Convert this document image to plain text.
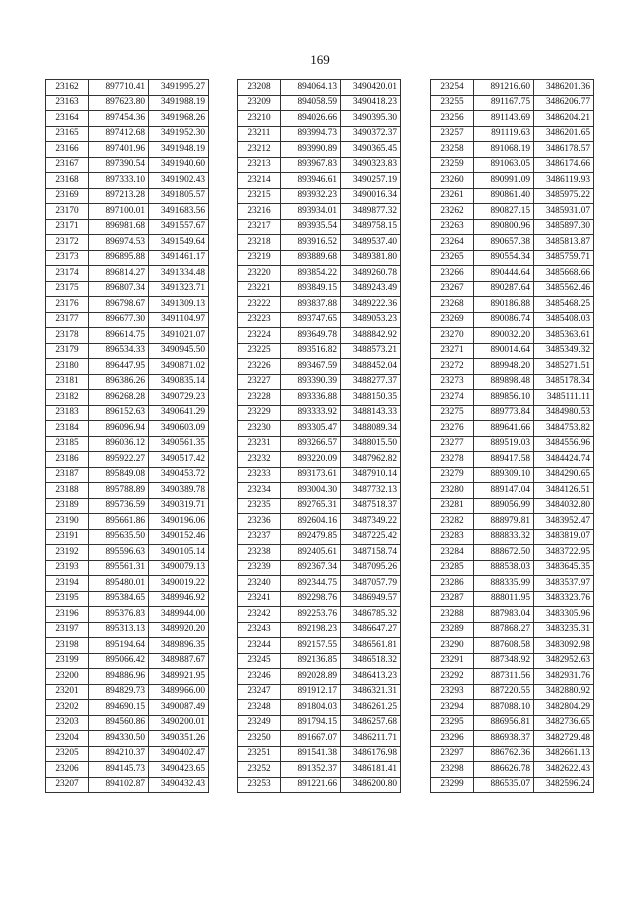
169
23162	897710.41	3491995.27
23163	897623.80	3491988.19
23164	897454.36	3491968.26
23165	897412.68	3491952.30
23166	897401.96	3491948.19
23167	897390.54	3491940.60
23168	897333.10	3491902.43
23169	897213.28	3491805.57
23170	897100.01	3491683.56
23171	896981.68	3491557.67
23172	896974.53	3491549.64
23173	896895.88	3491461.17
23174	896814.27	3491334.48
23175	896807.34	3491323.71
23176	896798.67	3491309.13
23177	896677.30	3491104.97
23178	896614.75	3491021.07
23179	896534.33	3490945.50
23180	896447.95	3490871.02
23181	896386.26	3490835.14
23182	896268.28	3490729.23
23183	896152.63	3490641.29
23184	896096.94	3490603.09
23185	896036.12	3490561.35
23186	895922.27	3490517.42
23187	895849.08	3490453.72
23188	895788.89	3490389.78
23189	895736.59	3490319.71
23190	895661.86	3490196.06
23191	895635.50	3490152.46
23192	895596.63	3490105.14
23193	895561.31	3490079.13
23194	895480.01	3490019.22
23195	895384.65	3489946.92
23196	895376.83	3489944.00
23197	895313.13	3489920.20
23198	895194.64	3489896.35
23199	895066.42	3489887.67
23200	894886.96	3489921.95
23201	894829.73	3489966.00
23202	894690.15	3490087.49
23203	894560.86	3490200.01
23204	894330.50	3490351.26
23205	894210.37	3490402.47
23206	894145.73	3490423.65
23207	894102.87	3490432.43
23208	894064.13	3490420.01
23209	894058.59	3490418.23
23210	894026.66	3490395.30
23211	893994.73	3490372.37
23212	893990.89	3490365.45
23213	893967.83	3490323.83
23214	893946.61	3490257.19
23215	893932.23	3490016.34
23216	893934.01	3489877.32
23217	893935.54	3489758.15
23218	893916.52	3489537.40
23219	893889.68	3489381.80
23220	893854.22	3489260.78
23221	893849.15	3489243.49
23222	893837.88	3489222.36
23223	893747.65	3489053.23
23224	893649.78	3488842.92
23225	893516.82	3488573.21
23226	893467.59	3488452.04
23227	893390.39	3488277.37
23228	893336.88	3488150.35
23229	893333.92	3488143.33
23230	893305.47	3488089.34
23231	893266.57	3488015.50
23232	893220.09	3487962.82
23233	893173.61	3487910.14
23234	893004.30	3487732.13
23235	892765.31	3487518.37
23236	892604.16	3487349.22
23237	892479.85	3487225.42
23238	892405.61	3487158.74
23239	892367.34	3487095.26
23240	892344.75	3487057.79
23241	892298.76	3486949.57
23242	892253.76	3486785.32
23243	892198.23	3486647.27
23244	892157.55	3486561.81
23245	892136.85	3486518.32
23246	892028.89	3486413.23
23247	891912.17	3486321.31
23248	891804.03	3486261.25
23249	891794.15	3486257.68
23250	891667.07	3486211.71
23251	891541.38	3486176.98
23252	891352.37	3486181.41
23253	891221.66	3486200.80
23254	891216.60	3486201.36
23255	891167.75	3486206.77
23256	891143.69	3486204.21
23257	891119.63	3486201.65
23258	891068.19	3486178.57
23259	891063.05	3486174.66
23260	890991.09	3486119.93
23261	890861.40	3485975.22
23262	890827.15	3485931.07
23263	890800.96	3485897.30
23264	890657.38	3485813.87
23265	890554.34	3485759.71
23266	890444.64	3485668.66
23267	890287.64	3485562.46
23268	890186.88	3485468.25
23269	890086.74	3485408.03
23270	890032.20	3485363.61
23271	890014.64	3485349.32
23272	889948.20	3485271.51
23273	889898.48	3485178.34
23274	889856.10	3485111.11
23275	889773.84	3484980.53
23276	889641.66	3484753.82
23277	889519.03	3484556.96
23278	889417.58	3484424.74
23279	889309.10	3484290.65
23280	889147.04	3484126.51
23281	889056.99	3484032.80
23282	888979.81	3483952.47
23283	888833.32	3483819.07
23284	888672.50	3483722.95
23285	888538.03	3483645.35
23286	888335.99	3483537.97
23287	888011.95	3483323.76
23288	887983.04	3483305.96
23289	887868.27	3483235.31
23290	887608.58	3483092.98
23291	887348.92	3482952.63
23292	887311.56	3482931.76
23293	887220.55	3482880.92
23294	887088.10	3482804.29
23295	886956.81	3482736.65
23296	886938.37	3482729.48
23297	886762.36	3482661.13
23298	886626.78	3482622.43
23299	886535.07	3482596.24
